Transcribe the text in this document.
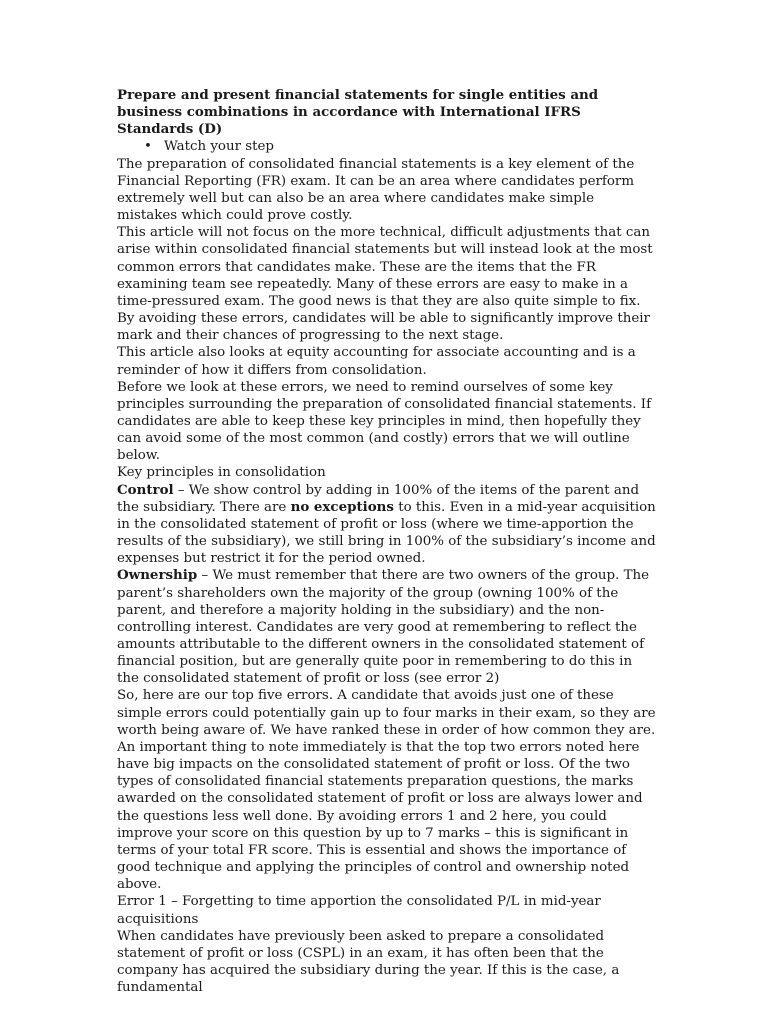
Prepare and present financial statements for single entities and business combinations in accordance with International IFRS Standards (D)

• Watch your step

The preparation of consolidated financial statements is a key element of the Financial Reporting (FR) exam. It can be an area where candidates perform extremely well but can also be an area where candidates make simple mistakes which could prove costly.

This article will not focus on the more technical, difficult adjustments that can arise within consolidated financial statements but will instead look at the most common errors that candidates make. These are the items that the FR examining team see repeatedly. Many of these errors are easy to make in a time-pressured exam. The good news is that they are also quite simple to fix. By avoiding these errors, candidates will be able to significantly improve their mark and their chances of progressing to the next stage.

This article also looks at equity accounting for associate accounting and is a reminder of how it differs from consolidation.

Before we look at these errors, we need to remind ourselves of some key principles surrounding the preparation of consolidated financial statements. If candidates are able to keep these key principles in mind, then hopefully they can avoid some of the most common (and costly) errors that we will outline below.

Key principles in consolidation

Control – We show control by adding in 100% of the items of the parent and the subsidiary. There are no exceptions to this. Even in a mid-year acquisition in the consolidated statement of profit or loss (where we time-apportion the results of the subsidiary), we still bring in 100% of the subsidiary’s income and expenses but restrict it for the period owned.

Ownership – We must remember that there are two owners of the group. The parent’s shareholders own the majority of the group (owning 100% of the parent, and therefore a majority holding in the subsidiary) and the non-controlling interest. Candidates are very good at remembering to reflect the amounts attributable to the different owners in the consolidated statement of financial position, but are generally quite poor in remembering to do this in the consolidated statement of profit or loss (see error 2)

So, here are our top five errors. A candidate that avoids just one of these simple errors could potentially gain up to four marks in their exam, so they are worth being aware of. We have ranked these in order of how common they are.

An important thing to note immediately is that the top two errors noted here have big impacts on the consolidated statement of profit or loss. Of the two types of consolidated financial statements preparation questions, the marks awarded on the consolidated statement of profit or loss are always lower and the questions less well done. By avoiding errors 1 and 2 here, you could improve your score on this question by up to 7 marks – this is significant in terms of your total FR score. This is essential and shows the importance of good technique and applying the principles of control and ownership noted above.

Error 1 – Forgetting to time apportion the consolidated P/L in mid-year acquisitions

When candidates have previously been asked to prepare a consolidated statement of profit or loss (CSPL) in an exam, it has often been that the company has acquired the subsidiary during the year. If this is the case, a fundamental
